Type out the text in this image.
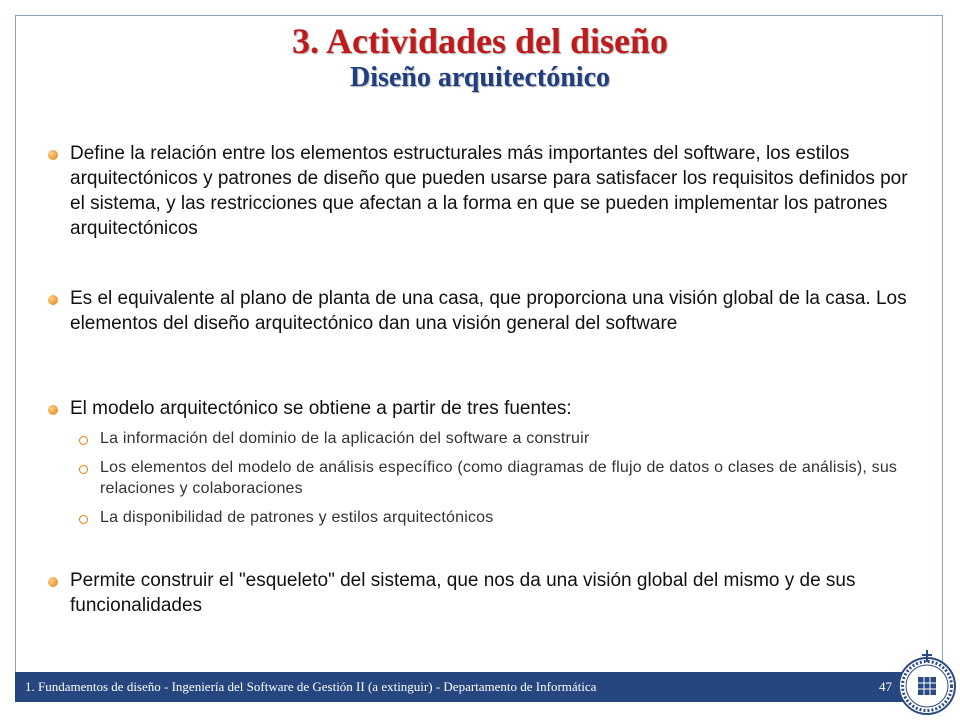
3. Actividades del diseño
Diseño arquitectónico
Define la relación entre los elementos estructurales más importantes del software, los estilos arquitectónicos y patrones de diseño que pueden usarse para satisfacer los requisitos definidos por el sistema, y las restricciones que afectan a la forma en que se pueden implementar los patrones arquitectónicos
Es el equivalente al plano de planta de una casa, que proporciona una visión global de la casa. Los elementos del diseño arquitectónico dan una visión general del software
El modelo arquitectónico se obtiene a partir de tres fuentes:
La información del dominio de la aplicación del software a construir
Los elementos del modelo de análisis específico (como diagramas de flujo de datos o clases de análisis), sus relaciones y colaboraciones
La disponibilidad de patrones y estilos arquitectónicos
Permite construir el "esqueleto" del sistema, que nos da una visión global del mismo y de sus funcionalidades
1. Fundamentos de diseño - Ingeniería del Software de Gestión II (a extinguir) - Departamento de Informática	47
